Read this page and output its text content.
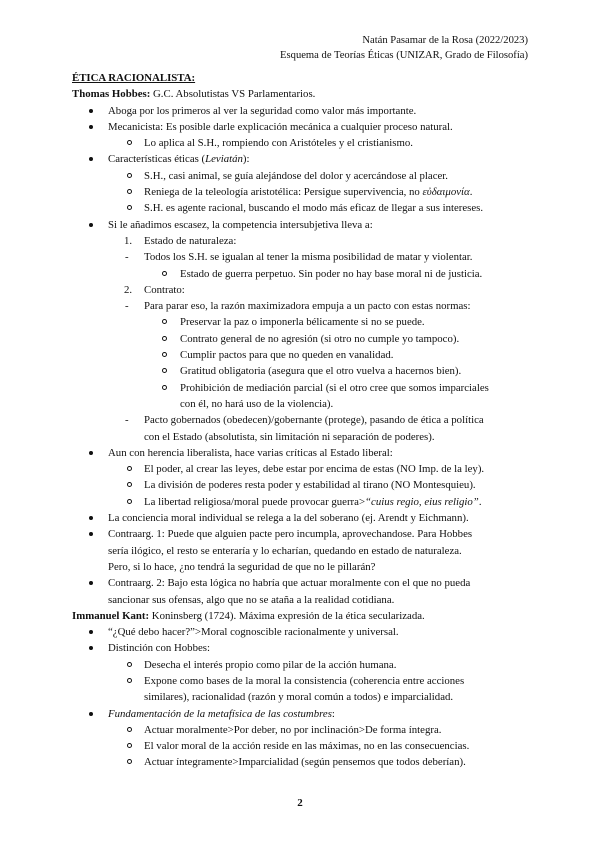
Natán Pasamar de la Rosa (2022/2023)
Esquema de Teorías Éticas (UNIZAR, Grado de Filosofía)
ÉTICA RACIONALISTA:
Thomas Hobbes: G.C. Absolutistas VS Parlamentarios.
Aboga por los primeros al ver la seguridad como valor más importante.
Mecanicista: Es posible darle explicación mecánica a cualquier proceso natural.
Lo aplica al S.H., rompiendo con Aristóteles y el cristianismo.
Características éticas (Leviatán):
S.H., casi animal, se guía alejándose del dolor y acercándose al placer.
Reniega de la teleología aristotélica: Persigue supervivencia, no εὐδαιμονία.
S.H. es agente racional, buscando el modo más eficaz de llegar a sus intereses.
Si le añadimos escasez, la competencia intersubjetiva lleva a:
1. Estado de naturaleza:
- Todos los S.H. se igualan al tener la misma posibilidad de matar y violentar.
Estado de guerra perpetuo. Sin poder no hay base moral ni de justicia.
2. Contrato:
- Para parar eso, la razón maximizadora empuja a un pacto con estas normas:
Preservar la paz o imponerla bélicamente si no se puede.
Contrato general de no agresión (si otro no cumple yo tampoco).
Cumplir pactos para que no queden en vanalidad.
Gratitud obligatoria (asegura que el otro vuelva a hacernos bien).
Prohibición de mediación parcial (si el otro cree que somos imparciales
con él, no hará uso de la violencia).
- Pacto gobernados (obedecen)/gobernante (protege), pasando de ética a política
con el Estado (absolutista, sin limitación ni separación de poderes).
Aun con herencia liberalista, hace varias críticas al Estado liberal:
El poder, al crear las leyes, debe estar por encima de estas (NO Imp. de la ley).
La división de poderes resta poder y estabilidad al tirano (NO Montesquieu).
La libertad religiosa/moral puede provocar guerra>“cuius regio, eius religio”.
La conciencia moral individual se relega a la del soberano (ej. Arendt y Eichmann).
Contraarg. 1: Puede que alguien pacte pero incumpla, aprovechandose. Para Hobbes
sería ilógico, el resto se enteraría y lo echarían, quedando en estado de naturaleza.
Pero, si lo hace, ¿no tendrá la seguridad de que no le pillarán?
Contraarg. 2: Bajo esta lógica no habría que actuar moralmente con el que no pueda
sancionar sus ofensas, algo que no se ataña a la realidad cotidiana.
Immanuel Kant: Koninsberg (1724). Máxima expresión de la ética secularizada.
“¿Qué debo hacer?”>Moral cognoscible racionalmente y universal.
Distinción con Hobbes:
Desecha el interés propio como pilar de la acción humana.
Expone como bases de la moral la consistencia (coherencia entre acciones
similares), racionalidad (razón y moral común a todos) e imparcialidad.
Fundamentación de la metafísica de las costumbres:
Actuar moralmente>Por deber, no por inclinación>De forma íntegra.
El valor moral de la acción reside en las máximas, no en las consecuencias.
Actuar íntegramente>Imparcialidad (según pensemos que todos deberían).
2
